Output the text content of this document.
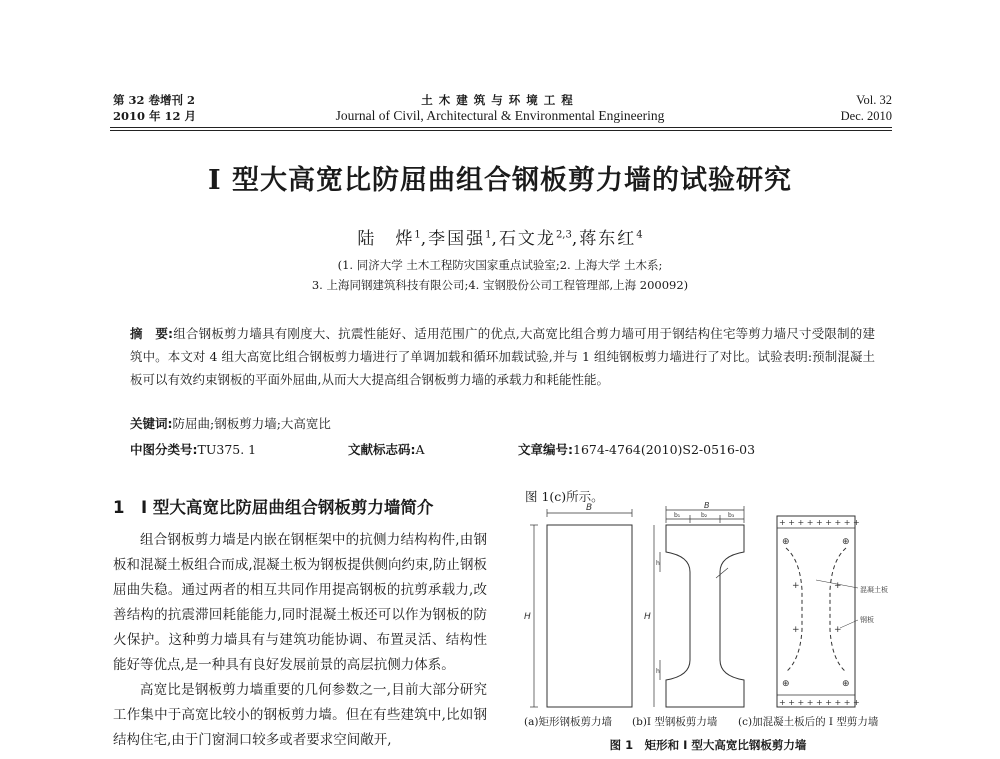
第 32 卷增刊 2
2010 年 12 月
土木建筑与环境工程
Journal of Civil, Architectural & Environmental Engineering
Vol. 32
Dec. 2010
I 型大高宽比防屈曲组合钢板剪力墙的试验研究
陆　烨$^1$,李国强$^1$,石文龙$^{2,3}$,蒋东红$^4$
(1. 同济大学 土木工程防灾国家重点试验室;2. 上海大学 土木系;
3. 上海同钢建筑科技有限公司;4. 宝钢股份公司工程管理部,上海 200092)
摘　要:组合钢板剪力墙具有刚度大、抗震性能好、适用范围广的优点,大高宽比组合剪力墙可用于钢结构住宅等剪力墙尺寸受限制的建筑中。本文对 4 组大高宽比组合钢板剪力墙进行了单调加载和循环加载试验,并与 1 组纯钢板剪力墙进行了对比。试验表明:预制混凝土板可以有效约束钢板的平面外屈曲,从而大大提高组合钢板剪力墙的承载力和耗能性能。
关键词:防屈曲;钢板剪力墙;大高宽比
中图分类号:TU375. 1	文献标志码:A	文章编号:1674-4764(2010)S2-0516-03
1　I 型大高宽比防屈曲组合钢板剪力墙简介

组合钢板剪力墙是内嵌在钢框架中的抗侧力结构构件,由钢板和混凝土板组合而成,混凝土板为钢板提供侧向约束,防止钢板屈曲失稳。通过两者的相互共同作用提高钢板的抗剪承载力,改善结构的抗震滞回耗能能力,同时混凝土板还可以作为钢板的防火保护。这种剪力墙具有与建筑功能协调、布置灵活、结构性能好等优点,是一种具有良好发展前景的高层抗侧力体系。

高宽比是钢板剪力墙重要的几何参数之一,目前大部分研究工作集中于高宽比较小的钢板剪力墙。但在有些建筑中,比如钢结构住宅,由于门窗洞口较多或者要求空间敞开,

图 1(c)所示。
B
H
B
b₁	b₂	b₃
H
h
h
+ + + + + + + + +
+ + + + + + + + +
⊕	⊕
+	+
+	+
⊕	⊕
混凝土板
钢板
(a)矩形钢板剪力墙 (b)I 型钢板剪力墙 (c)加混凝土板后的 I 型剪力墙
图 1　矩形和 I 型大高宽比钢板剪力墙
